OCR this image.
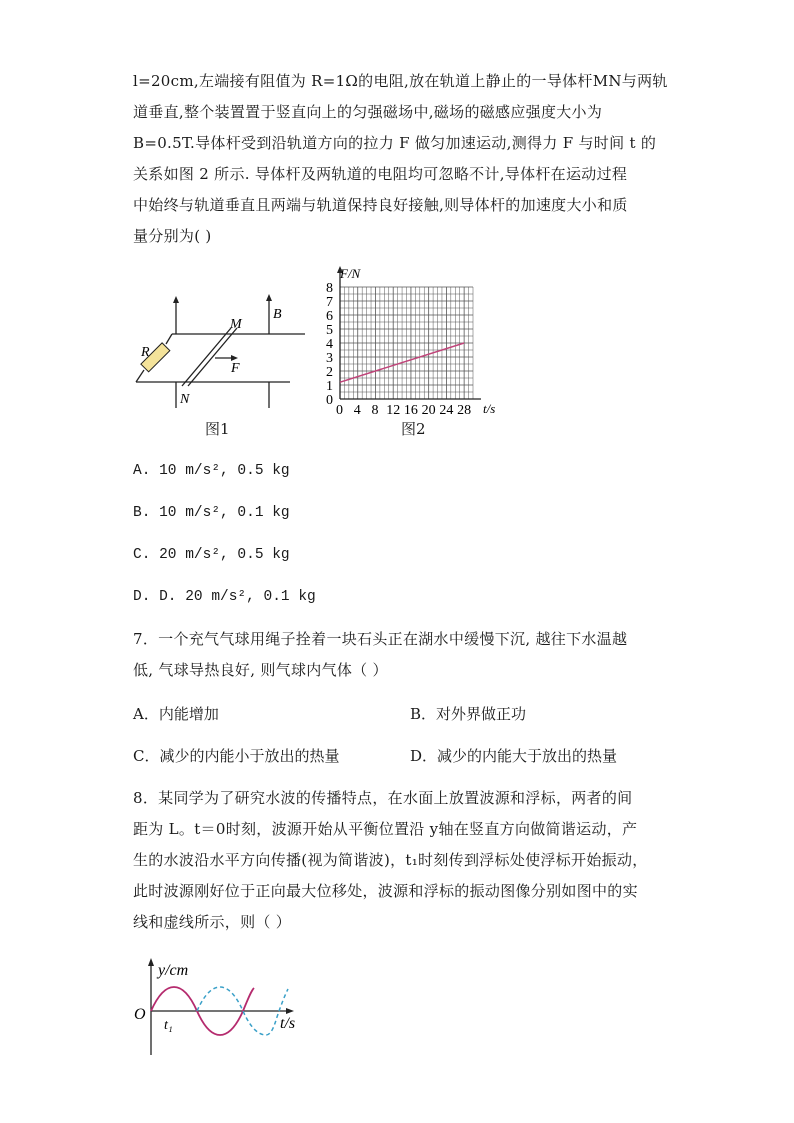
l=20cm,左端接有阻值为 R=1Ω的电阻,放在轨道上静止的一导体杆MN与两轨
道垂直,整个装置置于竖直向上的匀强磁场中,磁场的磁感应强度大小为
B=0.5T.导体杆受到沿轨道方向的拉力 F 做匀加速运动,测得力 F 与时间 t 的
关系如图 2 所示. 导体杆及两轨道的电阻均可忽略不计,导体杆在运动过程
中始终与轨道垂直且两端与轨道保持良好接触,则导体杆的加速度大小和质
量分别为( )
R
M
N
B
F
图1
0
1
2
3
4
5
6
7
8
0 4 8 12 16 20 24 28
F/N
t/s
图2
A. 10 m/s², 0.5 kg
B. 10 m/s², 0.1 kg
C. 20 m/s², 0.5 kg
D. D. 20 m/s², 0.1 kg
7．一个充气气球用绳子拴着一块石头正在湖水中缓慢下沉, 越往下水温越
低, 气球导热良好, 则气球内气体（ ）
A．内能增加	B．对外界做正功
C．减少的内能小于放出的热量	D．减少的内能大于放出的热量
8．某同学为了研究水波的传播特点，在水面上放置波源和浮标，两者的间
距为 L。t＝0时刻，波源开始从平衡位置沿 y轴在竖直方向做简谐运动，产
生的水波沿水平方向传播(视为简谐波)，t₁时刻传到浮标处使浮标开始振动，
此时波源刚好位于正向最大位移处，波源和浮标的振动图像分别如图中的实
线和虚线所示，则（ ）
y/cm
t/s
O
t₁
